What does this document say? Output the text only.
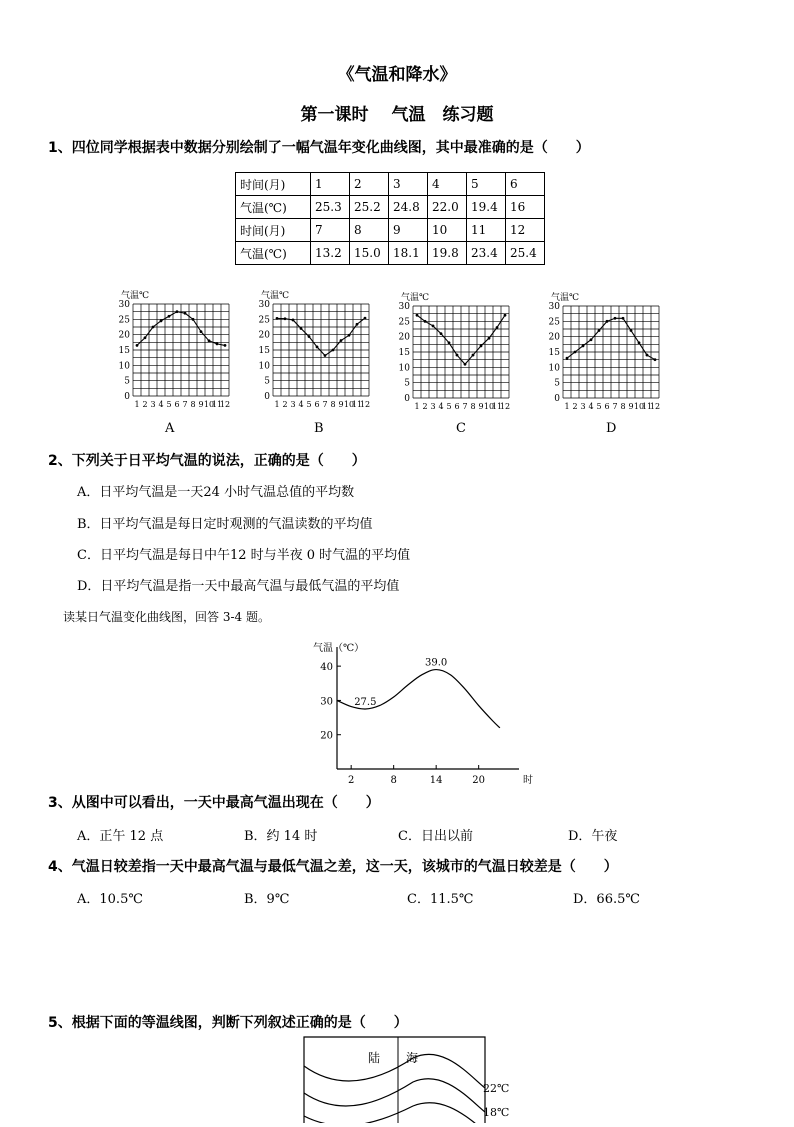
《气温和降水》
第一课时　 气温　练习题
1、四位同学根据表中数据分别绘制了一幅气温年变化曲线图，其中最准确的是（　　）
时间(月)	1	2	3	4	5	6
气温(℃)	25.3	25.2	24.8	22.0	19.4	16
时间(月)	7	8	9	10	11	12
气温(℃)	13.2	15.0	18.1	19.8	23.4	25.4
气温℃
0
5
10
15
20
25
30
1 2 3 4 5 6 7 8 9 10
11
12
气温℃
0
5
10
15
20
25
30
1 2 3 4 5 6 7 8 9 10
11
12
气温℃
0
5
10
15
20
25
30
1 2 3 4 5 6 7 8 9 10
11
12
气温℃
0
5
10
15
20
25
30
1 2 3 4 5 6 7 8 9 10
11
12
A	B	C	D
2、下列关于日平均气温的说法，正确的是（　　）
A．日平均气温是一天24 小时气温总值的平均数
B．日平均气温是每日定时观测的气温读数的平均值
C．日平均气温是每日中午12 时与半夜 0 时气温的平均值
D．日平均气温是指一天中最高气温与最低气温的平均值
读某日气温变化曲线图，回答 3-4 题。
气温（℃）
时
20
30
40
2	8	14	20
27.5
39.0
3、从图中可以看出，一天中最高气温出现在（　　）
A．正午 12 点	B．约 14 时	C．日出以前	D．午夜
4、气温日较差指一天中最高气温与最低气温之差，这一天，该城市的气温日较差是（　　）
A．10.5℃	B．9℃	C．11.5℃	D．66.5℃
5、根据下面的等温线图，判断下列叙述正确的是（　　）
陆 海
22℃
18℃
